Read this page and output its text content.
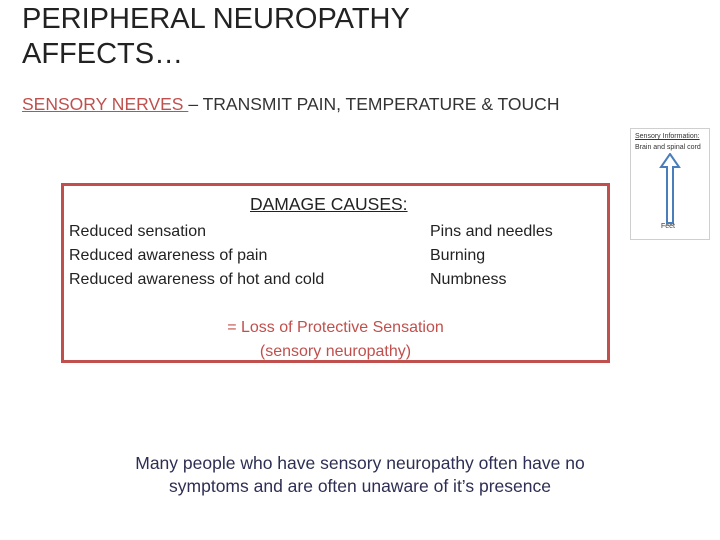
PERIPHERAL NEUROPATHY
AFFECTS…
SENSORY NERVES – TRANSMIT PAIN, TEMPERATURE & TOUCH
Sensory Information:
Brain and spinal cord
Feet
DAMAGE CAUSES:
Reduced sensation
Reduced awareness of pain
Reduced awareness of hot and cold
Pins and needles
Burning
Numbness
= Loss of Protective Sensation
(sensory neuropathy)
Many people who have sensory neuropathy often have no
symptoms and are often unaware of it’s presence
